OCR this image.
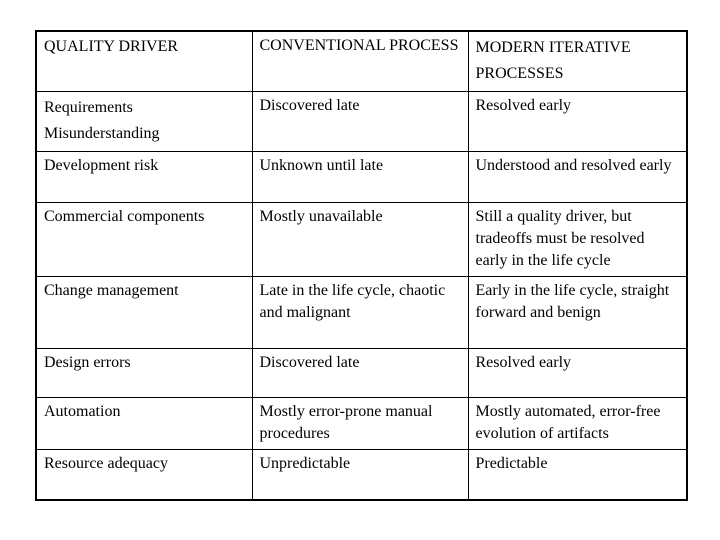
QUALITY DRIVER	CONVENTIONAL PROCESS	MODERN ITERATIVE PROCESSES
Requirements Misunderstanding	Discovered late	Resolved early
Development risk	Unknown until late	Understood and resolved early
Commercial components	Mostly unavailable	Still a quality driver, but tradeoffs must be resolved early in the life cycle
Change management	Late in the life cycle, chaotic and malignant	Early in the life cycle, straight forward and benign
Design errors	Discovered late	Resolved early
Automation	Mostly error-prone manual procedures	Mostly automated, error-free evolution of artifacts
Resource adequacy	Unpredictable	Predictable
